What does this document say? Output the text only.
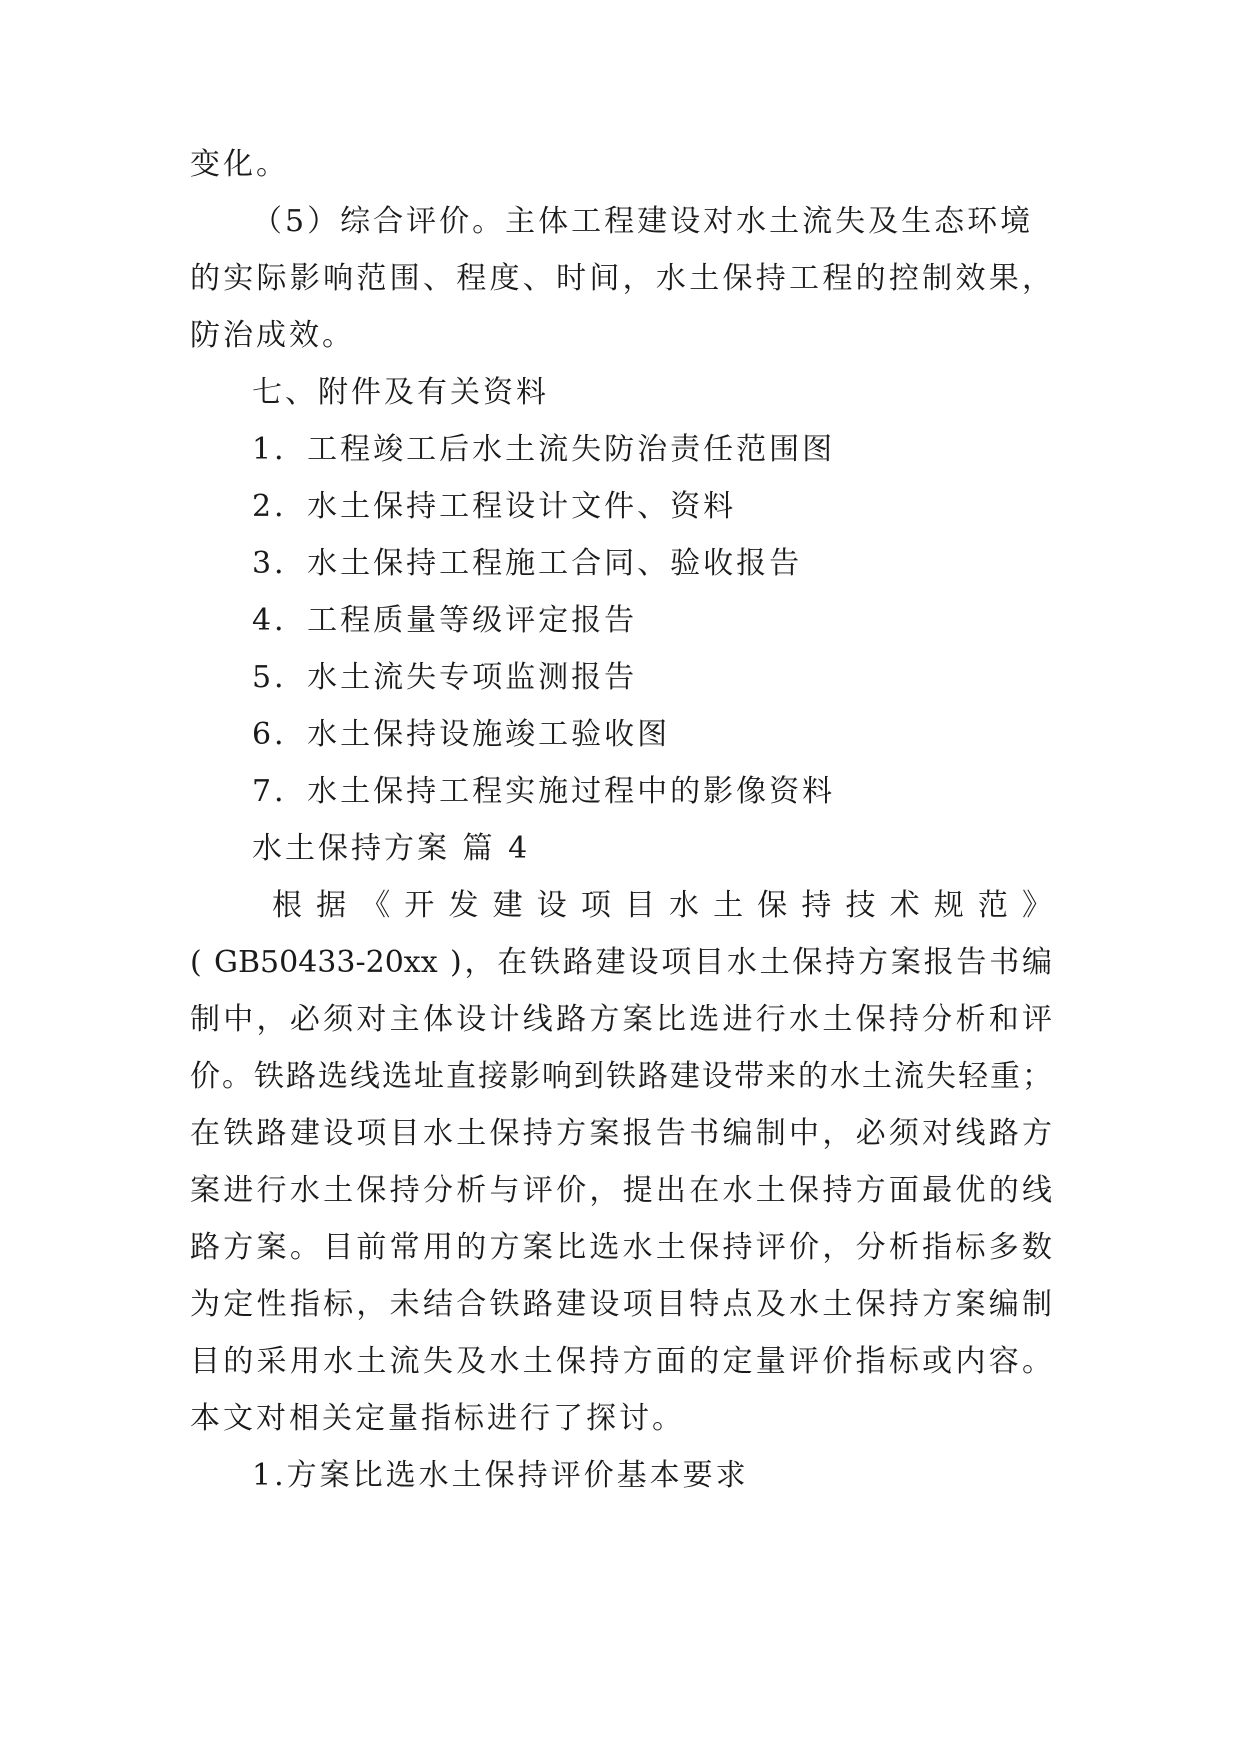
变化。
（5）综合评价。主体工程建设对水土流失及生态环境
的实际影响范围、程度、时间，水土保持工程的控制效果，
防治成效。
七、附件及有关资料
1．工程竣工后水土流失防治责任范围图
2．水土保持工程设计文件、资料
3．水土保持工程施工合同、验收报告
4．工程质量等级评定报告
5．水土流失专项监测报告
6．水土保持设施竣工验收图
7．水土保持工程实施过程中的影像资料
水土保持方案 篇 4
根据《开发建设项目水土保持技术规范》
( GB50433-20xx )，在铁路建设项目水土保持方案报告书编
制中，必须对主体设计线路方案比选进行水土保持分析和评
价。铁路选线选址直接影响到铁路建设带来的水土流失轻重；
在铁路建设项目水土保持方案报告书编制中，必须对线路方
案进行水土保持分析与评价，提出在水土保持方面最优的线
路方案。目前常用的方案比选水土保持评价，分析指标多数
为定性指标，未结合铁路建设项目特点及水土保持方案编制
目的采用水土流失及水土保持方面的定量评价指标或内容。
本文对相关定量指标进行了探讨。
1.方案比选水土保持评价基本要求
